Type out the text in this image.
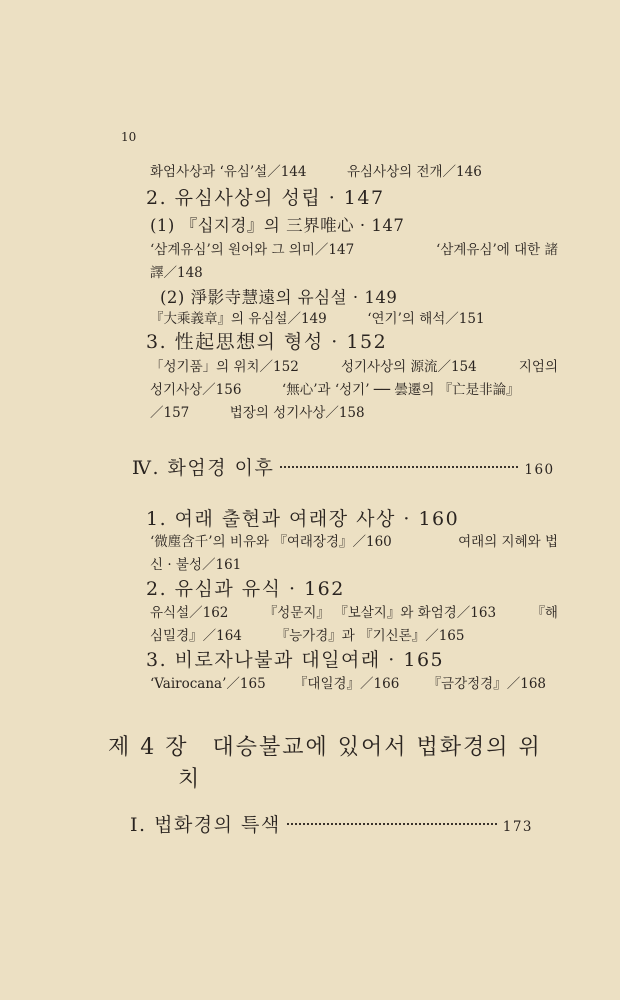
10
화엄사상과 ‘유심’설／144　　　유심사상의 전개／146
2. 유심사상의 성립 · 147
(1) 『십지경』의 三界唯心 · 147
‘삼계유심’의 원어와 그 의미／147	‘삼계유심’에 대한 諸
譯／148
(2) 淨影寺慧遠의 유심설 · 149
『大乘義章』의 유심설／149　　　‘연기’의 해석／151
3. 性起思想의 형성 · 152
「성기품」의 위치／152	성기사상의 源流／154	지엄의
성기사상／156　　　‘無心’과 ‘성기’ ── 曇遷의 『亡是非論』
／157　　　법장의 성기사상／158
Ⅳ. 화엄경 이후	160
1. 여래 출현과 여래장 사상 · 160
‘微塵含千’의 비유와 『여래장경』／160	여래의 지혜와 법
신 · 불성／161
2. 유심과 유식 · 162
유식설／162	『성문지』 『보살지』와 화엄경／163	『해
심밀경』／164　　　『능가경』과 『기신론』／165
3. 비로자나불과 대일여래 · 165
‘Vairocana’／165 『대일경』／166 『금강정경』／168
제 4 장　대승불교에 있어서 법화경의 위
치
Ⅰ. 법화경의 특색	173
